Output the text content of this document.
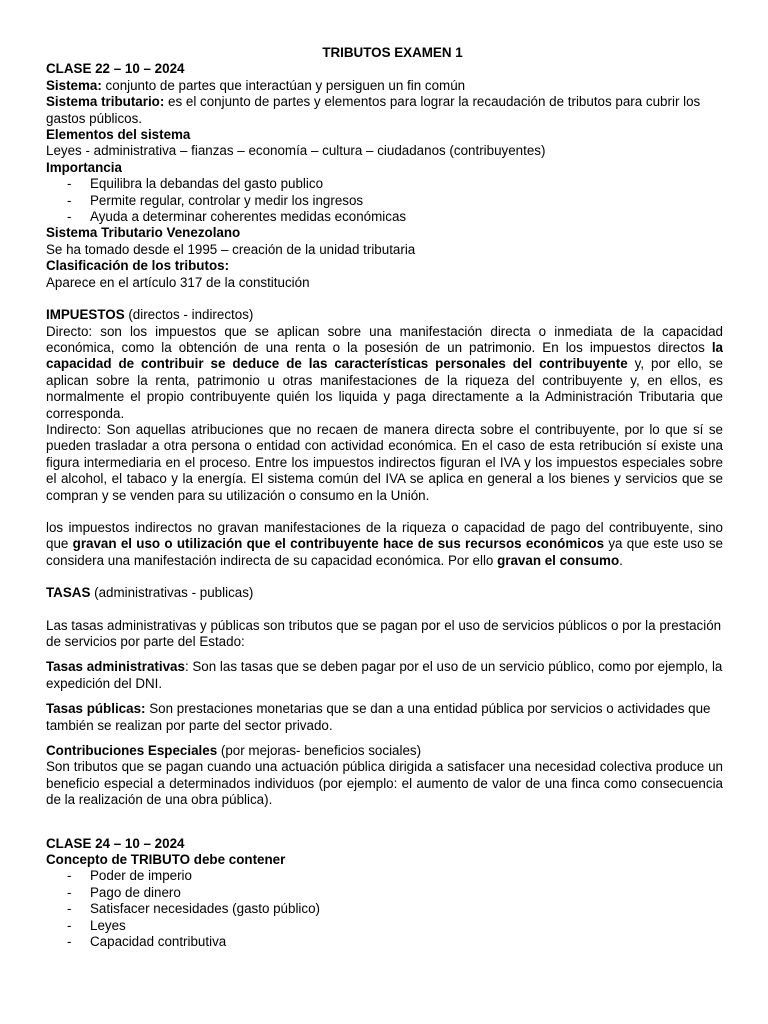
TRIBUTOS EXAMEN 1

CLASE 22 – 10 – 2024

Sistema: conjunto de partes que interactúan y persiguen un fin común

Sistema tributario: es el conjunto de partes y elementos para lograr la recaudación de tributos para cubrir los gastos públicos.

Elementos del sistema

Leyes - administrativa – fianzas – economía – cultura – ciudadanos (contribuyentes)

Importancia

- Equilibra la debandas del gasto publico
- Permite regular, controlar y medir los ingresos
- Ayuda a determinar coherentes medidas económicas

Sistema Tributario Venezolano

Se ha tomado desde el 1995 – creación de la unidad tributaria

Clasificación de los tributos:

Aparece en el artículo 317 de la constitución

IMPUESTOS (directos - indirectos)

Directo: son los impuestos que se aplican sobre una manifestación directa o inmediata de la capacidad económica, como la obtención de una renta o la posesión de un patrimonio. En los impuestos directos la capacidad de contribuir se deduce de las características personales del contribuyente y, por ello, se aplican sobre la renta, patrimonio u otras manifestaciones de la riqueza del contribuyente y, en ellos, es normalmente el propio contribuyente quién los liquida y paga directamente a la Administración Tributaria que corresponda.

Indirecto: Son aquellas atribuciones que no recaen de manera directa sobre el contribuyente, por lo que sí se pueden trasladar a otra persona o entidad con actividad económica. En el caso de esta retribución sí existe una figura intermediaria en el proceso. Entre los impuestos indirectos figuran el IVA y los impuestos especiales sobre el alcohol, el tabaco y la energía. El sistema común del IVA se aplica en general a los bienes y servicios que se compran y se venden para su utilización o consumo en la Unión.

los impuestos indirectos no gravan manifestaciones de la riqueza o capacidad de pago del contribuyente, sino que gravan el uso o utilización que el contribuyente hace de sus recursos económicos ya que este uso se considera una manifestación indirecta de su capacidad económica. Por ello gravan el consumo.

TASAS (administrativas - publicas)

Las tasas administrativas y públicas son tributos que se pagan por el uso de servicios públicos o por la prestación de servicios por parte del Estado:

Tasas administrativas: Son las tasas que se deben pagar por el uso de un servicio público, como por ejemplo, la expedición del DNI.

Tasas públicas: Son prestaciones monetarias que se dan a una entidad pública por servicios o actividades que también se realizan por parte del sector privado.

Contribuciones Especiales (por mejoras- beneficios sociales)

Son tributos que se pagan cuando una actuación pública dirigida a satisfacer una necesidad colectiva produce un beneficio especial a determinados individuos (por ejemplo: el aumento de valor de una finca como consecuencia de la realización de una obra pública).

CLASE 24 – 10 – 2024

Concepto de TRIBUTO debe contener

- Poder de imperio
- Pago de dinero
- Satisfacer necesidades (gasto público)
- Leyes
- Capacidad contributiva
